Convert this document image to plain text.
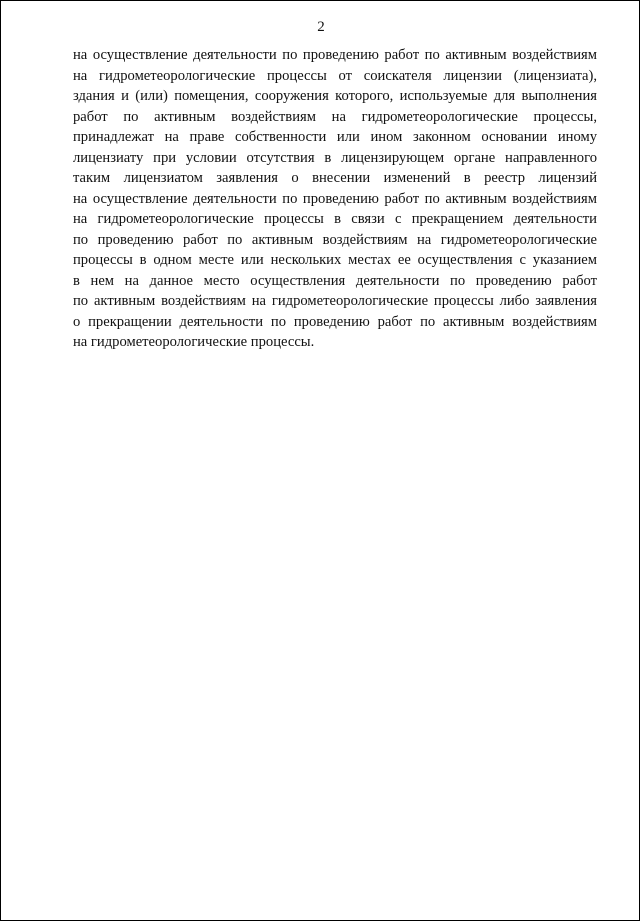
2
на осуществление деятельности по проведению работ по активным воздействиям
на гидрометеорологические процессы от соискателя лицензии (лицензиата),
здания и (или) помещения, сооружения которого, используемые для выполнения
работ по активным воздействиям на гидрометеорологические процессы,
принадлежат на праве собственности или ином законном основании иному
лицензиату при условии отсутствия в лицензирующем органе направленного
таким лицензиатом заявления о внесении изменений в реестр лицензий
на осуществление деятельности по проведению работ по активным воздействиям
на гидрометеорологические процессы в связи с прекращением деятельности
по проведению работ по активным воздействиям на гидрометеорологические
процессы в одном месте или нескольких местах ее осуществления с указанием
в нем на данное место осуществления деятельности по проведению работ
по активным воздействиям на гидрометеорологические процессы либо заявления
о прекращении деятельности по проведению работ по активным воздействиям
на гидрометеорологические процессы.
